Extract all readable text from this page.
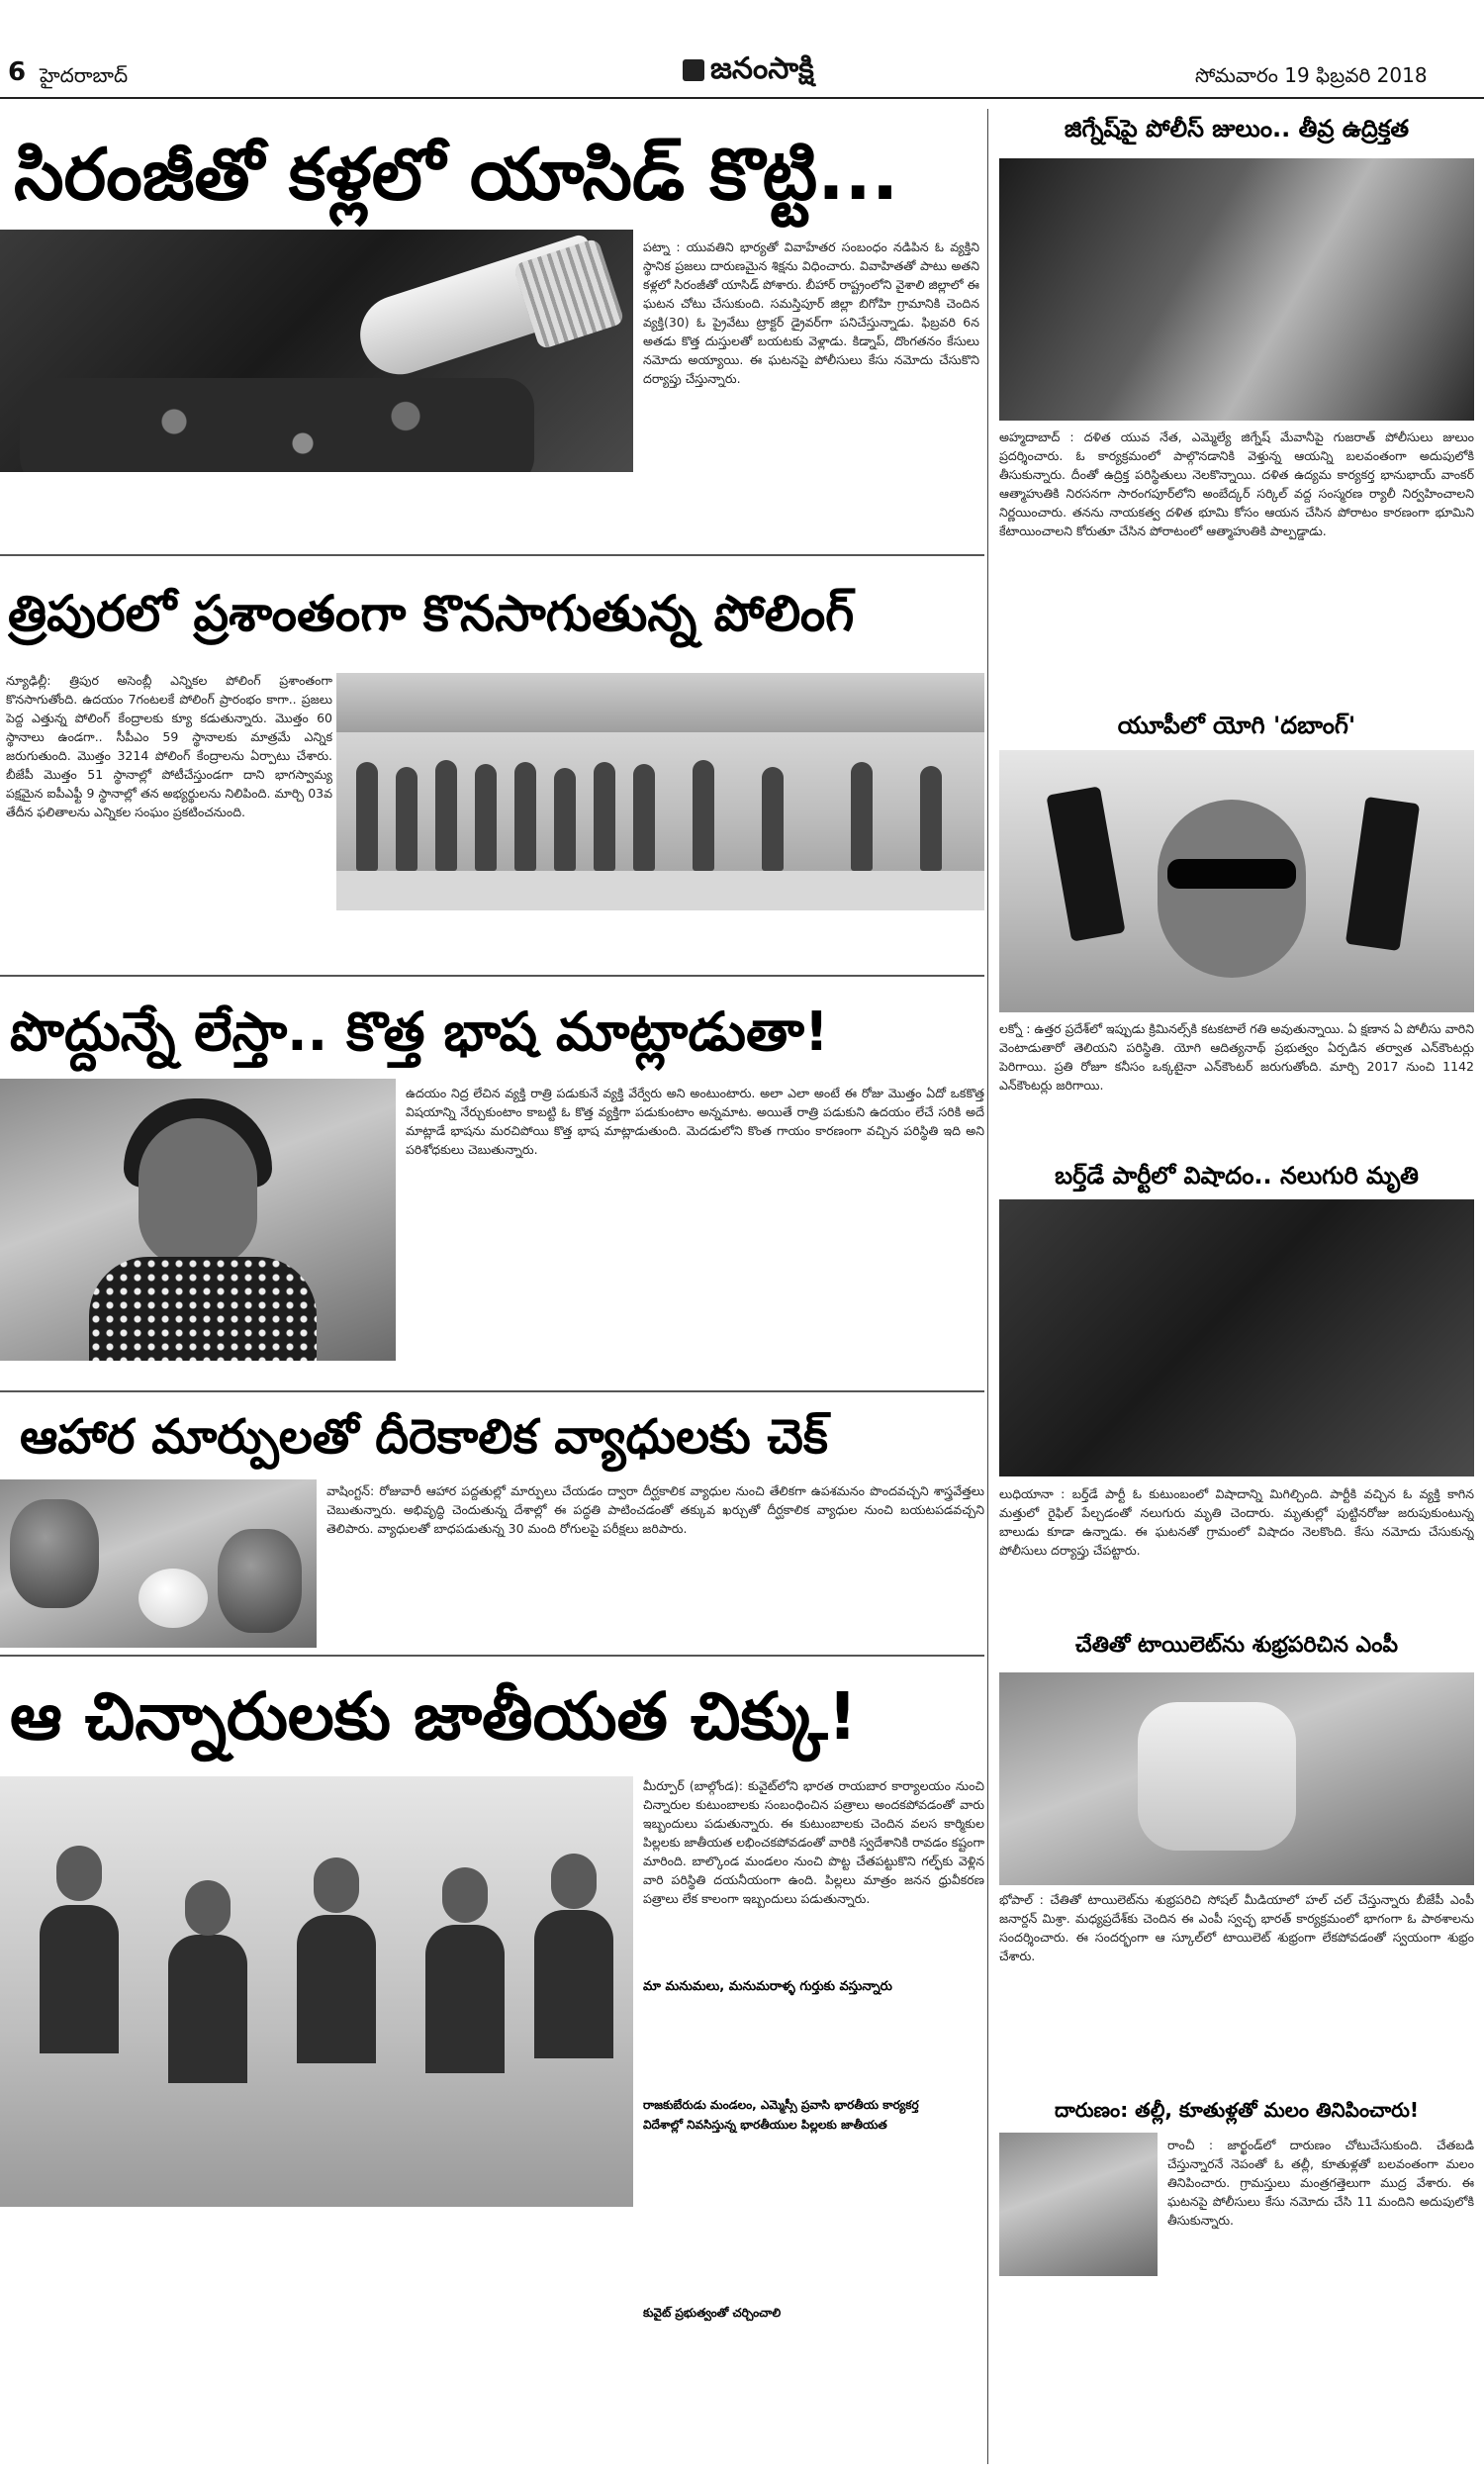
6 హైదరాబాద్	జనంసాక్షి	సోమవారం 19 ఫిబ్రవరి 2018
సిరంజీతో కళ్లలో యాసిడ్ కొట్టి...

పట్నా : యువతిని భార్యతో వివాహేతర సంబంధం నడిపిన ఓ వ్యక్తిని స్థానిక ప్రజలు దారుణమైన శిక్షను విధించారు. వివాహితతో పాటు అతని కళ్లలో సిరంజీతో యాసిడ్ పోశారు. బీహార్ రాష్ట్రంలోని వైశాలి జిల్లాలో ఈ ఘటన చోటు చేసుకుంది. సమస్తిపూర్ జిల్లా బిగోహి గ్రామానికి చెందిన వ్యక్తి(30) ఓ ప్రైవేటు ట్రాక్టర్ డ్రైవర్‌గా పనిచేస్తున్నాడు. ఫిబ్రవరి 6న అతడు కొత్త దుస్తులతో బయటకు వెళ్లాడు. కిడ్నాప్, దొంగతనం కేసులు నమోదు అయ్యాయి. ఈ ఘటనపై పోలీసులు కేసు నమోదు చేసుకొని దర్యాప్తు చేస్తున్నారు.

త్రిపురలో ప్రశాంతంగా కొనసాగుతున్న పోలింగ్

న్యూఢిల్లీ: త్రిపుర అసెంబ్లీ ఎన్నికల పోలింగ్ ప్రశాంతంగా కొనసాగుతోంది. ఉదయం 7గంటలకే పోలింగ్ ప్రారంభం కాగా.. ప్రజలు పెద్ద ఎత్తున్న పోలింగ్ కేంద్రాలకు క్యూ కడుతున్నారు. మొత్తం 60 స్థానాలు ఉండగా.. సీపీఎం 59 స్థానాలకు మాత్రమే ఎన్నిక జరుగుతుంది. మొత్తం 3214 పోలింగ్ కేంద్రాలను ఏర్పాటు చేశారు. బీజేపీ మొత్తం 51 స్థానాల్లో పోటీచేస్తుండగా దాని భాగస్వామ్య పక్షమైన ఐపీఎఫ్టీ 9 స్థానాల్లో తన అభ్యర్థులను నిలిపింది. మార్చి 03వ తేదీన ఫలితాలను ఎన్నికల సంఘం ప్రకటించనుంది.

పొద్దున్నే లేస్తా.. కొత్త భాష మాట్లాడుతా!

ఉదయం నిద్ర లేచిన వ్యక్తి రాత్రి పడుకునే వ్యక్తి వేర్వేరు అని అంటుంటారు. అలా ఎలా అంటే ఈ రోజు మొత్తం ఏదో ఒకకొత్త విషయాన్ని నేర్చుకుంటాం కాబట్టి ఓ కొత్త వ్యక్తిగా పడుకుంటాం అన్నమాట. అయితే రాత్రి పడుకుని ఉదయం లేచే సరికి అదే మాట్లాడే భాషను మరచిపోయి కొత్త భాష మాట్లాడుతుంది. మెదడులోని కొంత గాయం కారణంగా వచ్చిన పరిస్థితి ఇది అని పరిశోధకులు చెబుతున్నారు.

ఆహార మార్పులతో దీరెకాలిక వ్యాధులకు చెక్

వాషింగ్టన్: రోజువారీ ఆహార పద్దతుల్లో మార్పులు చేయడం ద్వారా దీర్ఘకాలిక వ్యాధుల నుంచి తేలికగా ఉపశమనం పొందవచ్చని శాస్త్రవేత్తలు చెబుతున్నారు. అభివృద్ధి చెందుతున్న దేశాల్లో ఈ పద్ధతి పాటించడంతో తక్కువ ఖర్చుతో దీర్ఘకాలిక వ్యాధుల నుంచి బయటపడవచ్చని తెలిపారు. వ్యాధులతో బాధపడుతున్న 30 మంది రోగులపై పరీక్షలు జరిపారు.

ఆ చిన్నారులకు జాతీయత చిక్కు!

మీర్పూర్ (బాల్గోండ): కువైట్‌లోని భారత రాయబార కార్యాలయం నుంచి చిన్నారుల కుటుంబాలకు సంబంధించిన పత్రాలు అందకపోవడంతో వారు ఇబ్బందులు పడుతున్నారు. ఈ కుటుంబాలకు చెందిన వలస కార్మికుల పిల్లలకు జాతీయత లభించకపోవడంతో వారికి స్వదేశానికి రావడం కష్టంగా మారింది. బాల్కొండ మండలం నుంచి పొట్ట చేతపట్టుకొని గల్ఫ్‌కు వెళ్లిన వారి పరిస్థితి దయనీయంగా ఉంది. పిల్లలు మాత్రం జనన ధ్రువీకరణ పత్రాలు లేక కాలంగా ఇబ్బందులు పడుతున్నారు.

మా మనుమలు, మనుమరాళ్ళ గుర్తుకు వస్తున్నారు
రాజకుబేరుడు మండలం, ఎమ్మెస్సీ ప్రవాసి భారతీయ కార్యకర్త
విదేశాల్లో నివసిస్తున్న భారతీయుల పిల్లలకు జాతీయత
కువైట్ ప్రభుత్వంతో చర్చించాలి
జిగ్నేష్‌పై పోలీస్ జులుం.. తీవ్ర ఉద్రిక్తత

అహ్మదాబాద్ : దళిత యువ నేత, ఎమ్మెల్యే జిగ్నేష్ మేవానీపై గుజరాత్ పోలీసులు జులుం ప్రదర్శించారు. ఓ కార్యక్రమంలో పాల్గొనడానికి వెళ్తున్న ఆయన్ని బలవంతంగా అదుపులోకి తీసుకున్నారు. దీంతో ఉద్రిక్త పరిస్థితులు నెలకొన్నాయి. దళిత ఉద్యమ కార్యకర్త భానుభాయ్ వాంకర్ ఆత్మాహుతికి నిరసనగా సారంగపూర్‌లోని అంబేద్కర్ సర్కిల్ వద్ద సంస్మరణ ర్యాలీ నిర్వహించాలని నిర్ణయించారు. తనను నాయకత్వ దళిత భూమి కోసం ఆయన చేసిన పోరాటం కారణంగా భూమిని కేటాయించాలని కోరుతూ చేసిన పోరాటంలో ఆత్మాహుతికి పాల్పడ్డాడు.

యూపీలో యోగి 'దబాంగ్'

లక్నో : ఉత్తర ప్రదేశ్‌లో ఇప్పుడు క్రిమినల్స్‌కి కటకటాలే గతి అవుతున్నాయి. ఏ క్షణాన ఏ పోలీసు వారిని వెంటాడుతారో తెలియని పరిస్థితి. యోగి ఆదిత్యనాథ్ ప్రభుత్వం ఏర్పడిన తర్వాత ఎన్‌కౌంటర్లు పెరిగాయి. ప్రతి రోజూ కనీసం ఒక్కటైనా ఎన్‌కౌంటర్ జరుగుతోంది. మార్చి 2017 నుంచి 1142 ఎన్‌కౌంటర్లు జరిగాయి.

బర్త్‌డే పార్టీలో విషాదం.. నలుగురి మృతి

లుధియానా : బర్త్‌డే పార్టీ ఓ కుటుంబంలో విషాదాన్ని మిగిల్చింది. పార్టీకి వచ్చిన ఓ వ్యక్తి కాగిన మత్తులో రైఫిల్ పేల్చడంతో నలుగురు మృతి చెందారు. మృతుల్లో పుట్టినరోజు జరుపుకుంటున్న బాలుడు కూడా ఉన్నాడు. ఈ ఘటనతో గ్రామంలో విషాదం నెలకొంది. కేసు నమోదు చేసుకున్న పోలీసులు దర్యాప్తు చేపట్టారు.

చేతితో టాయిలెట్‌ను శుభ్రపరిచిన ఎంపీ

భోపాల్ : చేతితో టాయిలెట్‌ను శుభ్రపరిచి సోషల్ మీడియాలో హల్ చల్ చేస్తున్నారు బీజేపీ ఎంపీ జనార్దన్ మిశ్రా. మధ్యప్రదేశ్‌కు చెందిన ఈ ఎంపీ స్వచ్ఛ భారత్ కార్యక్రమంలో భాగంగా ఓ పాఠశాలను సందర్శించారు. ఈ సందర్భంగా ఆ స్కూల్‌లో టాయిలెట్ శుభ్రంగా లేకపోవడంతో స్వయంగా శుభ్రం చేశారు.

దారుణం: తల్లీ, కూతుళ్లతో మలం తినిపించారు!

రాంచీ : జార్ఖండ్‌లో దారుణం చోటుచేసుకుంది. చేతబడి చేస్తున్నారనే నెపంతో ఓ తల్లీ, కూతుళ్లతో బలవంతంగా మలం తినిపించారు. గ్రామస్తులు మంత్రగత్తెలుగా ముద్ర వేశారు. ఈ ఘటనపై పోలీసులు కేసు నమోదు చేసి 11 మందిని అదుపులోకి తీసుకున్నారు.
